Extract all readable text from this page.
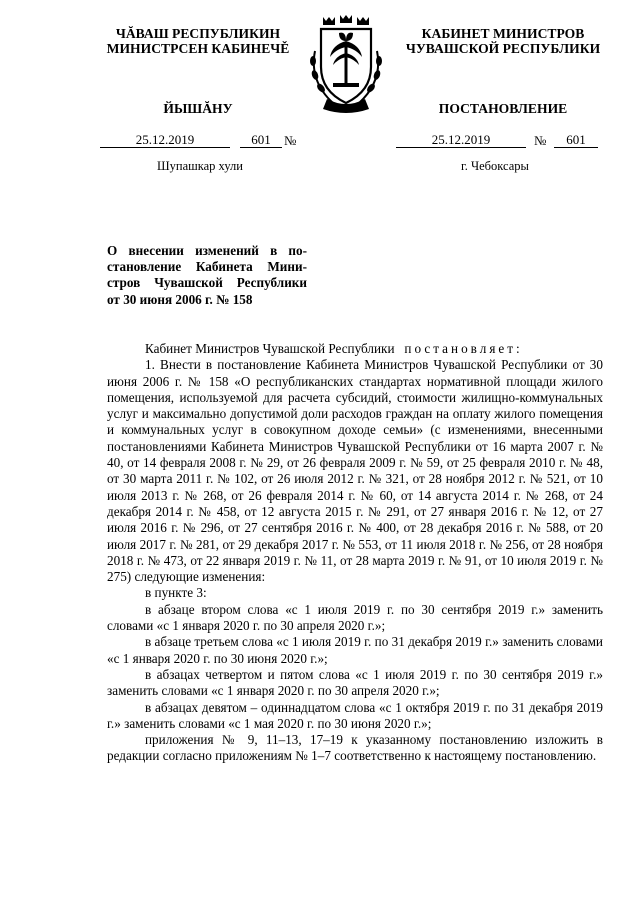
ЧĂВАШ РЕСПУБЛИКИН
МИНИСТРСЕН КАБИНЕЧĚ
ЙЫШĂНУ
КАБИНЕТ МИНИСТРОВ
ЧУВАШСКОЙ РЕСПУБЛИКИ
ПОСТАНОВЛЕНИЕ
25.12.2019	601	№	25.12.2019	№	601
Шупашкар хули	г. Чебоксары
О внесении изменений в по-
становление Кабинета Мини-
стров Чувашской Республики
от 30 июня 2006 г. № 158

Кабинет Министров Чувашской Республики постановляет:

1. Внести в постановление Кабинета Министров Чувашской Республики от 30 июня 2006 г. № 158 «О республиканских стандартах нормативной площади жилого помещения, используемой для расчета субсидий, стоимости жилищно-коммунальных услуг и максимально допустимой доли расходов граждан на оплату жилого помещения и коммунальных услуг в совокупном доходе семьи» (с изменениями, внесенными постановлениями Кабинета Министров Чувашской Республики от 16 марта 2007 г. № 40, от 14 февраля 2008 г. № 29, от 26 февраля 2009 г. № 59, от 25 февраля 2010 г. № 48, от 30 марта 2011 г. № 102, от 26 июля 2012 г. № 321, от 28 ноября 2012 г. № 521, от 10 июля 2013 г. № 268, от 26 февраля 2014 г. № 60, от 14 августа 2014 г. № 268, от 24 декабря 2014 г. № 458, от 12 августа 2015 г. № 291, от 27 января 2016 г. № 12, от 27 июля 2016 г. № 296, от 27 сентября 2016 г. № 400, от 28 декабря 2016 г. № 588, от 20 июля 2017 г. № 281, от 29 декабря 2017 г. № 553, от 11 июля 2018 г. № 256, от 28 ноября 2018 г. № 473, от 22 января 2019 г. № 11, от 28 марта 2019 г. № 91, от 10 июля 2019 г. № 275) следующие изменения:

в пункте 3:

в абзаце втором слова «с 1 июля 2019 г. по 30 сентября 2019 г.» заменить словами «с 1 января 2020 г. по 30 апреля 2020 г.»;

в абзаце третьем слова «с 1 июля 2019 г. по 31 декабря 2019 г.» заменить словами «с 1 января 2020 г. по 30 июня 2020 г.»;

в абзацах четвертом и пятом слова «с 1 июля 2019 г. по 30 сентября 2019 г.» заменить словами «с 1 января 2020 г. по 30 апреля 2020 г.»;

в абзацах девятом – одиннадцатом слова «с 1 октября 2019 г. по 31 декабря 2019 г.» заменить словами «с 1 мая 2020 г. по 30 июня 2020 г.»;

приложения № 9, 11–13, 17–19 к указанному постановлению изложить в редакции согласно приложениям № 1–7 соответственно к настоящему постановлению.
